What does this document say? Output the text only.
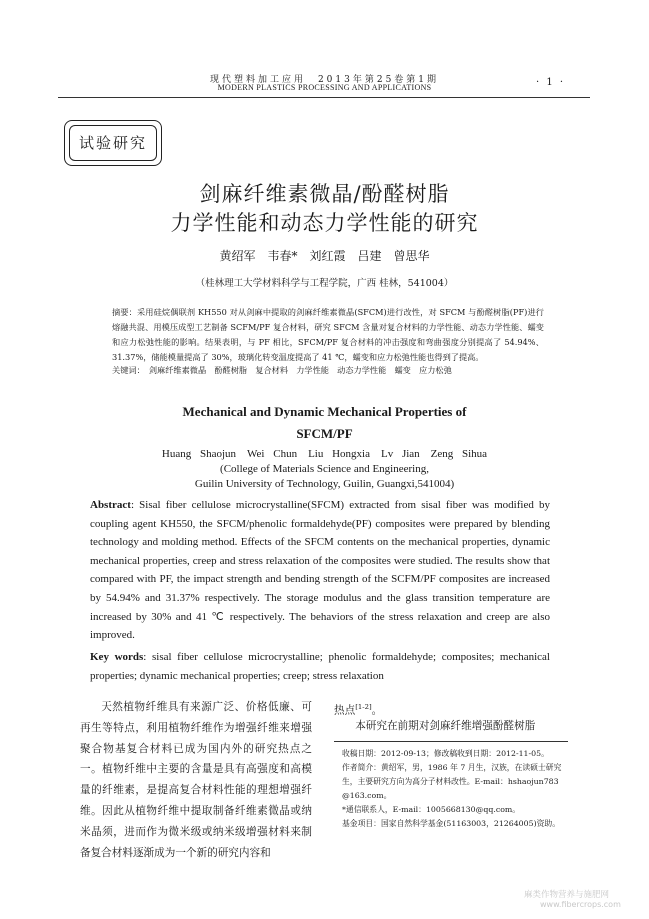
现代塑料加工应用　2013年第25卷第1期
MODERN PLASTICS PROCESSING AND APPLICATIONS	· 1 ·
试验研究
剑麻纤维素微晶/酚醛树脂
力学性能和动态力学性能的研究
黄绍军　韦春*　刘红霞　吕建　曾思华
（桂林理工大学材料科学与工程学院，广西 桂林，541004）
摘要：采用硅烷偶联剂 KH550 对从剑麻中提取的剑麻纤维素微晶(SFCM)进行改性，对 SFCM 与酚醛树脂(PF)进行熔融共混、用模压成型工艺制备 SCFM/PF 复合材料，研究 SFCM 含量对复合材料的力学性能、动态力学性能、蠕变和应力松弛性能的影响。结果表明，与 PF 相比，SFCM/PF 复合材料的冲击强度和弯曲强度分别提高了 54.94%、31.37%，储能模量提高了 30%，玻璃化转变温度提高了 41 ℃，蠕变和应力松弛性能也得到了提高。
关键词：　剑麻纤维素微晶　酚醛树脂　复合材料　力学性能　动态力学性能　蠕变　应力松弛
Mechanical and Dynamic Mechanical Properties of
SFCM/PF
Huang Shaojun　Wei Chun　Liu Hongxia　Lv Jian　Zeng Sihua
(College of Materials Science and Engineering,
Guilin University of Technology, Guilin, Guangxi,541004)
Abstract: Sisal fiber cellulose microcrystalline(SFCM) extracted from sisal fiber was modified by coupling agent KH550, the SFCM/phenolic formaldehyde(PF) composites were prepared by blending technology and molding method. Effects of the SFCM contents on the mechanical properties, dynamic mechanical properties, creep and stress relaxation of the composites were studied. The results show that compared with PF, the impact strength and bending strength of the SCFM/PF composites are increased by 54.94% and 31.37% respectively. The storage modulus and the glass transition temperature are increased by 30% and 41 ℃ respectively. The behaviors of the stress relaxation and creep are also improved.
Key words: sisal fiber cellulose microcrystalline; phenolic formaldehyde; composites; mechanical properties; dynamic mechanical properties; creep; stress relaxation
天然植物纤维具有来源广泛、价格低廉、可再生等特点，利用植物纤维作为增强纤维来增强聚合物基复合材料已成为国内外的研究热点之一。植物纤维中主要的含量是具有高强度和高模量的纤维素，是提高复合材料性能的理想增强纤维。因此从植物纤维中提取制备纤维素微晶或纳米晶须，进而作为微米级或纳米级增强材料来制备复合材料逐渐成为一个新的研究内容和
热点[1-2]。
本研究在前期对剑麻纤维增强酚醛树脂
收稿日期：2012-09-13；修改稿收到日期：2012-11-05。
作者简介：黄绍军，男，1986 年 7 月生，汉族，在读硕士研究
生，主要研究方向为高分子材料改性。E-mail：hshaojun783
@163.com。
*通信联系人，E-mail：1005668130@qq.com。
基金项目：国家自然科学基金(51163003，21264005)资助。
麻类作物营养与施肥网
www.fibercrops.com
